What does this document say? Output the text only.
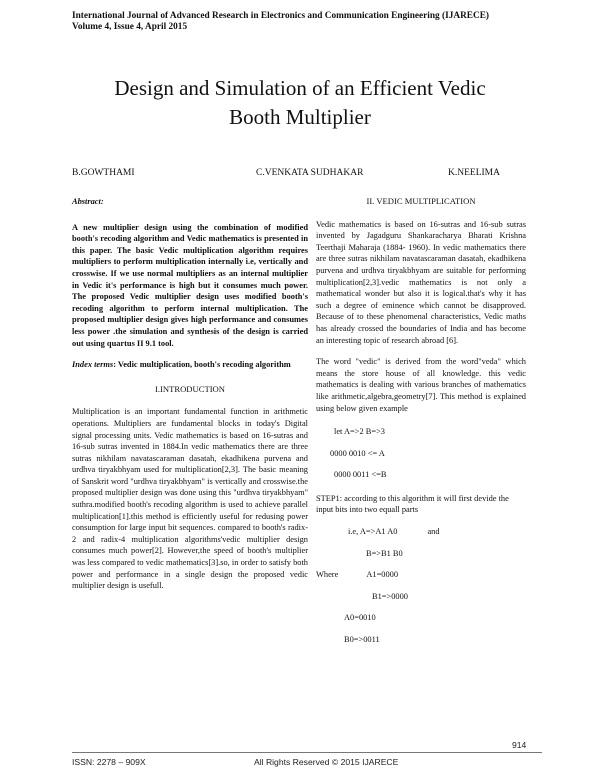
International Journal of Advanced Research in Electronics and Communication Engineering (IJARECE)
Volume 4, Issue 4, April 2015
Design and Simulation of an Efficient Vedic
Booth Multiplier
B.GOWTHAMI	C.VENKATA SUDHAKAR	K.NEELIMA
Abstract:
A new multiplier design using the combination of modified booth's recoding algorithm and Vedic mathematics is presented in this paper. The basic Vedic multiplication algorithm requires multipliers to perform multiplication internally i.e, vertically and crosswise. If we use normal multipliers as an internal multiplier in Vedic it's performance is high but it consumes much power. The proposed Vedic multiplier design uses modified booth's recoding algorithm to perform internal multiplication. The proposed multiplier design gives high performance and consumes less power .the simulation and synthesis of the design is carried out using quartus II 9.1 tool.
Index terms: Vedic multiplication, booth's recoding algorithm
I.INTRODUCTION
Multiplication is an important fundamental function in arithmetic operations. Multipliers are fundamental blocks in today's Digital signal processing units. Vedic mathematics is based on 16-sutras and 16-sub sutras invented in 1884.In vedic mathematics there are three sutras nikhilam navatascaraman dasatah, ekadhikena purvena and urdhva tiryakbhyam used for multiplication[2,3]. The basic meaning of Sanskrit word "urdhva tiryakbhyam" is vertically and crosswise.the proposed multiplier design was done using this "urdhva tiryakbhyam" suthra.modified booth's recoding algorithm is used to achieve parallel multiplication[1].this method is efficiently useful for redusing power consumption for large input bit sequences. compared to booth's radix-2 and radix-4 multiplication algorithms'vedic multiplier design consumes much power[2]. However,the speed of booth's multiplier was less compared to vedic mathematics[3].so, in order to satisfy both power and performance in a single design the proposed vedic multiplier design is usefull.
II. VEDIC MULTIPLICATION
Vedic mathematics is based on 16-sutras and 16-sub sutras invented by Jagadguru Shankaracharya Bharati Krishna Teerthaji Maharaja (1884- 1960). In vedic mathematics there are three sutras nikhilam navatascaraman dasatah, ekadhikena purvena and urdhva tiryakbhyam are suitable for performing multiplication[2,3].vedic mathematics is not only a mathematical wonder but also it is logical.that's why it has such a degree of eminence which cannot be disapproved. Because of to these phenomenal characteristics, Vedic maths has already crossed the boundaries of India and has become an interesting topic of research abroad [6].
The word "vedic" is derived from the word"veda" which means the store house of all knowledge. this vedic mathematics is dealing with various branches of mathematics like arithmetic,algebra,geometry[7]. This method is explained using below given example
let A=>2 B=>3
0000 0010 <= A
0000 0011 <=B
STEP1: according to this algorithm it will first devide the input bits into two equall parts
i.e, A=>A1 A0	and
B=>B1 B0
Where	A1=0000
B1=>0000
A0=0010
B0=>0011
914
ISSN: 2278 – 909X	All Rights Reserved © 2015 IJARECE
